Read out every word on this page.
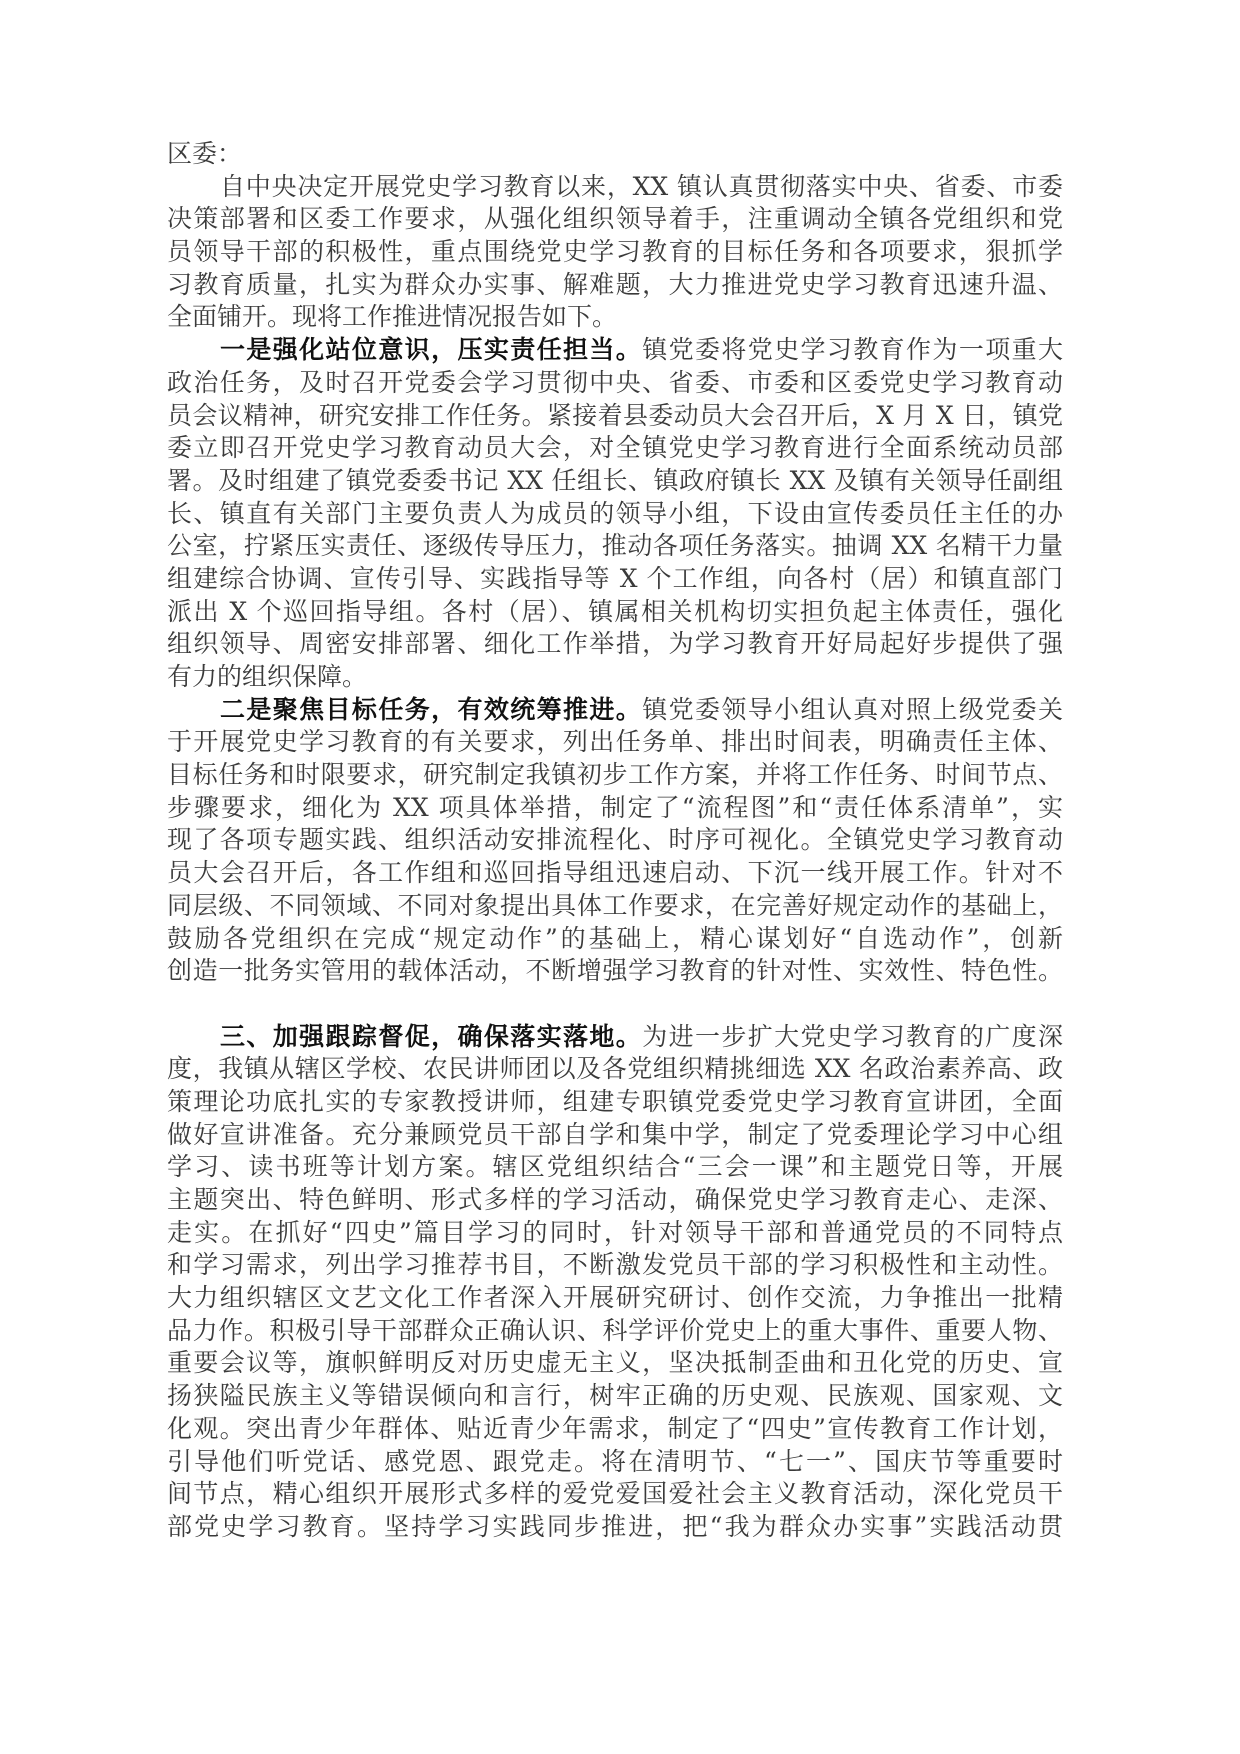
区委：
自中央决定开展党史学习教育以来，XX 镇认真贯彻落实中央、省委、市委
决策部署和区委工作要求，从强化组织领导着手，注重调动全镇各党组织和党
员领导干部的积极性，重点围绕党史学习教育的目标任务和各项要求，狠抓学
习教育质量，扎实为群众办实事、解难题，大力推进党史学习教育迅速升温、
全面铺开。现将工作推进情况报告如下。
一是强化站位意识，压实责任担当。镇党委将党史学习教育作为一项重大
政治任务，及时召开党委会学习贯彻中央、省委、市委和区委党史学习教育动
员会议精神，研究安排工作任务。紧接着县委动员大会召开后，X 月 X 日，镇党
委立即召开党史学习教育动员大会，对全镇党史学习教育进行全面系统动员部
署。及时组建了镇党委委书记 XX 任组长、镇政府镇长 XX 及镇有关领导任副组
长、镇直有关部门主要负责人为成员的领导小组，下设由宣传委员任主任的办
公室，拧紧压实责任、逐级传导压力，推动各项任务落实。抽调 XX 名精干力量
组建综合协调、宣传引导、实践指导等 X 个工作组，向各村（居）和镇直部门
派出 X 个巡回指导组。各村（居）、镇属相关机构切实担负起主体责任，强化
组织领导、周密安排部署、细化工作举措，为学习教育开好局起好步提供了强
有力的组织保障。
二是聚焦目标任务，有效统筹推进。镇党委领导小组认真对照上级党委关
于开展党史学习教育的有关要求，列出任务单、排出时间表，明确责任主体、
目标任务和时限要求，研究制定我镇初步工作方案，并将工作任务、时间节点、
步骤要求，细化为 XX 项具体举措，制定了“流程图”和“责任体系清单”，实
现了各项专题实践、组织活动安排流程化、时序可视化。全镇党史学习教育动
员大会召开后，各工作组和巡回指导组迅速启动、下沉一线开展工作。针对不
同层级、不同领域、不同对象提出具体工作要求，在完善好规定动作的基础上，
鼓励各党组织在完成“规定动作”的基础上，精心谋划好“自选动作”，创新
创造一批务实管用的载体活动，不断增强学习教育的针对性、实效性、特色性。
三、加强跟踪督促，确保落实落地。为进一步扩大党史学习教育的广度深
度，我镇从辖区学校、农民讲师团以及各党组织精挑细选 XX 名政治素养高、政
策理论功底扎实的专家教授讲师，组建专职镇党委党史学习教育宣讲团，全面
做好宣讲准备。充分兼顾党员干部自学和集中学，制定了党委理论学习中心组
学习、读书班等计划方案。辖区党组织结合“三会一课”和主题党日等，开展
主题突出、特色鲜明、形式多样的学习活动，确保党史学习教育走心、走深、
走实。在抓好“四史”篇目学习的同时，针对领导干部和普通党员的不同特点
和学习需求，列出学习推荐书目，不断激发党员干部的学习积极性和主动性。
大力组织辖区文艺文化工作者深入开展研究研讨、创作交流，力争推出一批精
品力作。积极引导干部群众正确认识、科学评价党史上的重大事件、重要人物、
重要会议等，旗帜鲜明反对历史虚无主义，坚决抵制歪曲和丑化党的历史、宣
扬狭隘民族主义等错误倾向和言行，树牢正确的历史观、民族观、国家观、文
化观。突出青少年群体、贴近青少年需求，制定了“四史”宣传教育工作计划，
引导他们听党话、感党恩、跟党走。将在清明节、“七一”、国庆节等重要时
间节点，精心组织开展形式多样的爱党爱国爱社会主义教育活动，深化党员干
部党史学习教育。坚持学习实践同步推进，把“我为群众办实事”实践活动贯
